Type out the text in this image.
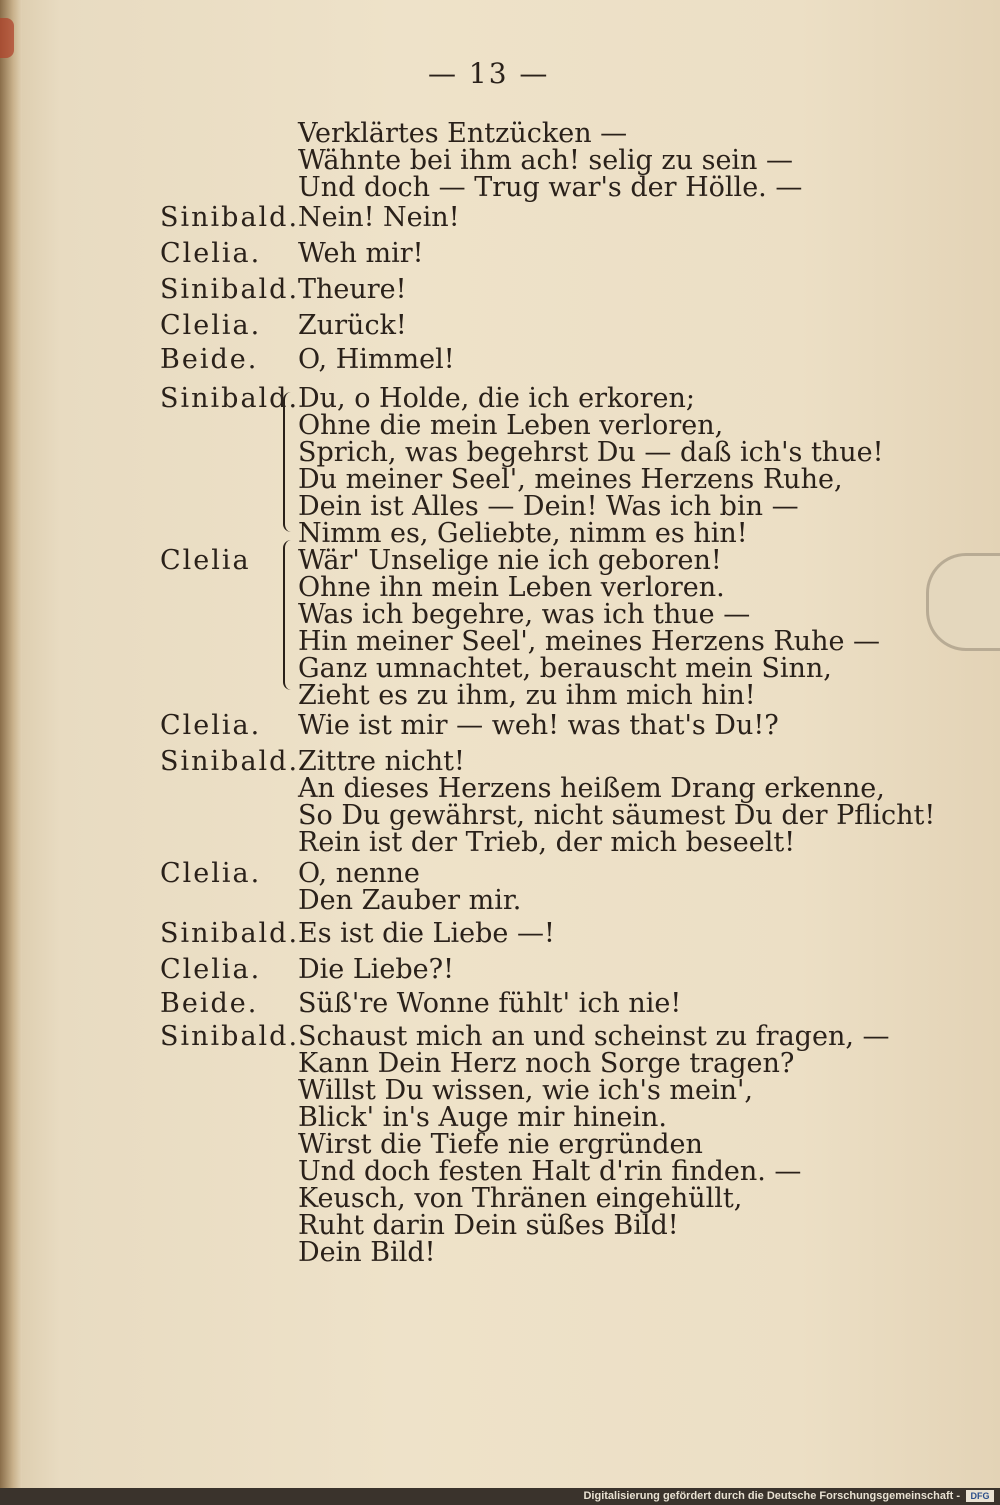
— 13 —
Verklärtes Entzücken —
Wähnte bei ihm ach! selig zu sein —
Und doch — Trug war's der Hölle. —
Sinibald.
Nein! Nein!
Clelia. Weh mir!
Sinibald.
Theure!
Clelia. Zurück!
Beide. O, Himmel!
Sinibald.
Du, o Holde, die ich erkoren;
Ohne die mein Leben verloren,
Sprich, was begehrst Du — daß ich's thue!
Du meiner Seel', meines Herzens Ruhe,
Dein ist Alles — Dein! Was ich bin —
Nimm es, Geliebte, nimm es hin!
Clelia Wär' Unselige nie ich geboren!
Ohne ihn mein Leben verloren.
Was ich begehre, was ich thue —
Hin meiner Seel', meines Herzens Ruhe —
Ganz umnachtet, berauscht mein Sinn,
Zieht es zu ihm, zu ihm mich hin!
Clelia. Wie ist mir — weh! was that's Du!?
Sinibald.
Zittre nicht!
An dieses Herzens heißem Drang erkenne,
So Du gewährst, nicht säumest Du der Pflicht!
Rein ist der Trieb, der mich beseelt!
Clelia. O, nenne
Den Zauber mir.
Sinibald.
Es ist die Liebe —!
Clelia. Die Liebe?!
Beide. Süß're Wonne fühlt' ich nie!
Sinibald.
Schaust mich an und scheinst zu fragen, —
Kann Dein Herz noch Sorge tragen?
Willst Du wissen, wie ich's mein',
Blick' in's Auge mir hinein.
Wirst die Tiefe nie ergründen
Und doch festen Halt d'rin finden. —
Keusch, von Thränen eingehüllt,
Ruht darin Dein süßes Bild!
Dein Bild!
Digitalisierung gefördert durch die Deutsche Forschungsgemeinschaft -	DFG
